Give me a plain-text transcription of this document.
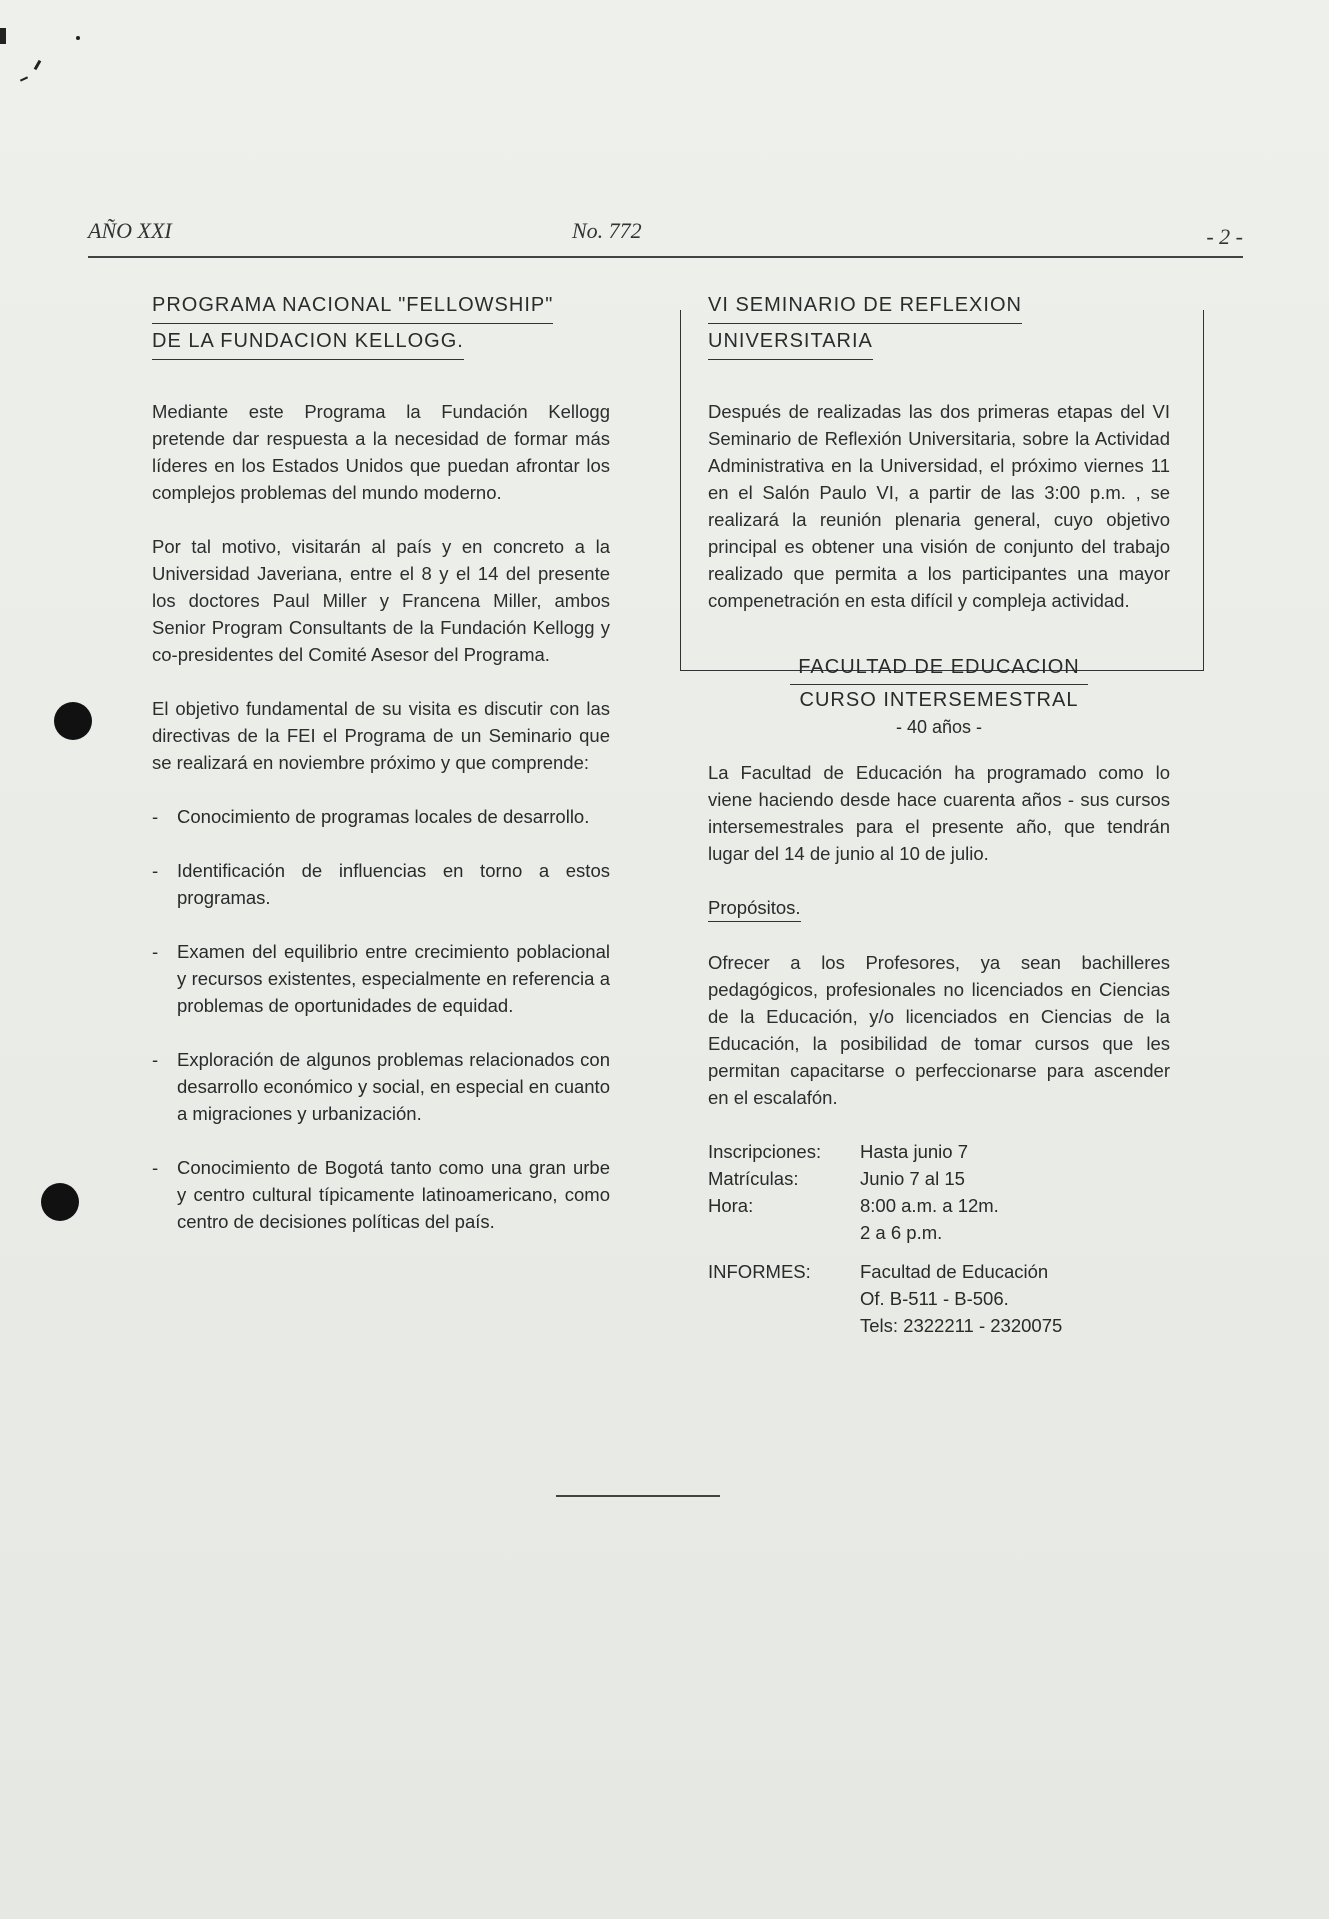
AÑO XXI	No. 772	- 2 -
PROGRAMA NACIONAL "FELLOWSHIP"
DE LA FUNDACION KELLOGG.

Mediante este Programa la Fundación Kellogg pretende dar respuesta a la necesidad de formar más líderes en los Estados Unidos que puedan afrontar los complejos problemas del mundo moderno.

Por tal motivo, visitarán al país y en concreto a la Universidad Javeriana, entre el 8 y el 14 del presente los doctores Paul Miller y Francena Miller, ambos Senior Program Consultants de la Fundación Kellogg y co-presidentes del Comité Asesor del Programa.

El objetivo fundamental de su visita es discutir con las directivas de la FEI el Programa de un Seminario que se realizará en noviembre próximo y que comprende:

-	Conocimiento de programas locales de desarrollo.
-	Identificación de influencias en torno a estos programas.
-	Examen del equilibrio entre crecimiento poblacional y recursos existentes, especialmente en referencia a problemas de oportunidades de equidad.
-	Exploración de algunos problemas relacionados con desarrollo económico y social, en especial en cuanto a migraciones y urbanización.
-	Conocimiento de Bogotá tanto como una gran urbe y centro cultural típicamente latinoamericano, como centro de decisiones políticas del país.
VI SEMINARIO DE REFLEXION
UNIVERSITARIA

Después de realizadas las dos primeras etapas del VI Seminario de Reflexión Universitaria, sobre la Actividad Administrativa en la Universidad, el próximo viernes 11 en el Salón Paulo VI, a partir de las 3:00 p.m. , se realizará la reunión plenaria general, cuyo objetivo principal es obtener una visión de conjunto del trabajo realizado que permita a los participantes una mayor compenetración en esta difícil y compleja actividad.

FACULTAD DE EDUCACION
CURSO INTERSEMESTRAL
- 40 años -

La Facultad de Educación ha programado como lo viene haciendo desde hace cuarenta años - sus cursos intersemestrales para el presente año, que tendrán lugar del 14 de junio al 10 de julio.

Propósitos.

Ofrecer a los Profesores, ya sean bachilleres pedagógicos, profesionales no licenciados en Ciencias de la Educación, y/o licenciados en Ciencias de la Educación, la posibilidad de tomar cursos que les permitan capacitarse o perfeccionarse para ascender en el escalafón.

Inscripciones:	Hasta junio 7
Matrículas:	Junio 7 al 15
Hora:	8:00 a.m. a 12m.
2 a 6 p.m.
INFORMES:	Facultad de Educación
Of. B-511 - B-506.
Tels: 2322211 - 2320075
